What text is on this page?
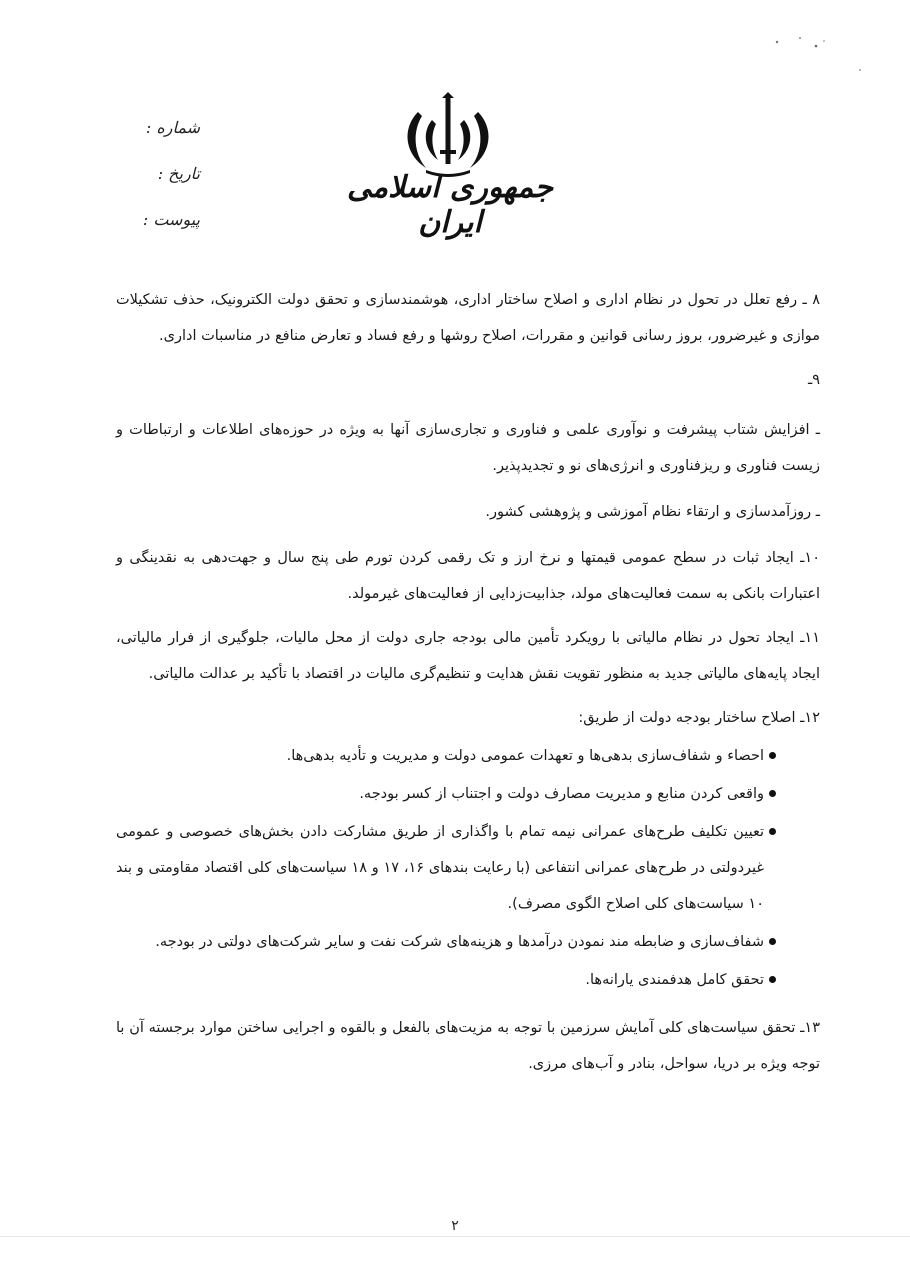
جمهوری اسلامی ایران
شماره :
تاریخ :
پیوست :

۸ ـ رفع تعلل در تحول در نظام اداری و اصلاح ساختار اداری، هوشمندسازی و تحقق دولت الکترونیک، حذف تشکیلات موازی و غیرضرور، بروز رسانی قوانین و مقررات، اصلاح روشها و رفع فساد و تعارض منافع در مناسبات اداری.

۹ـ

ـ افزایش شتاب پیشرفت و نوآوری علمی و فناوری و تجاری‌سازی آنها به ویژه در حوزه‌های اطلاعات و ارتباطات و زیست فناوری و ریزفناوری و انرژی‌های نو و تجدیدپذیر.

ـ روزآمدسازی و ارتقاء نظام آموزشی و پژوهشی کشور.

۱۰ـ ایجاد ثبات در سطح عمومی قیمتها و نرخ ارز و تک رقمی کردن تورم طی پنج سال و جهت‌دهی به نقدینگی و اعتبارات بانکی به سمت فعالیت‌های مولد، جذابیت‌زدایی از فعالیت‌های غیرمولد.

۱۱ـ ایجاد تحول در نظام مالیاتی با رویکرد تأمین مالی بودجه جاری دولت از محل مالیات، جلوگیری از فرار مالیاتی، ایجاد پایه‌های مالیاتی جدید به منظور تقویت نقش هدایت و تنظیم‌گری مالیات در اقتصاد با تأکید بر عدالت مالیاتی.

۱۲ـ اصلاح ساختار بودجه دولت از طریق:

احصاء و شفاف‌سازی بدهی‌ها و تعهدات عمومی دولت و مدیریت و تأدیه بدهی‌ها.
واقعی کردن منابع و مدیریت مصارف دولت و اجتناب از کسر بودجه.
تعیین تکلیف طرح‌های عمرانی نیمه تمام با واگذاری از طریق مشارکت دادن بخش‌های خصوصی و عمومی غیردولتی در طرح‌های عمرانی انتفاعی (با رعایت بندهای ۱۶، ۱۷ و ۱۸ سیاست‌های کلی اقتصاد مقاومتی و بند ۱۰ سیاست‌های کلی اصلاح الگوی مصرف).
شفاف‌سازی و ضابطه مند نمودن درآمدها و هزینه‌های شرکت نفت و سایر شرکت‌های دولتی در بودجه.
تحقق کامل هدفمندی یارانه‌ها.

۱۳ـ تحقق سیاست‌های کلی آمایش سرزمین با توجه به مزیت‌های بالفعل و بالقوه و اجرایی ساختن موارد برجسته آن با توجه ویژه بر دریا، سواحل، بنادر و آب‌های مرزی.

۲
